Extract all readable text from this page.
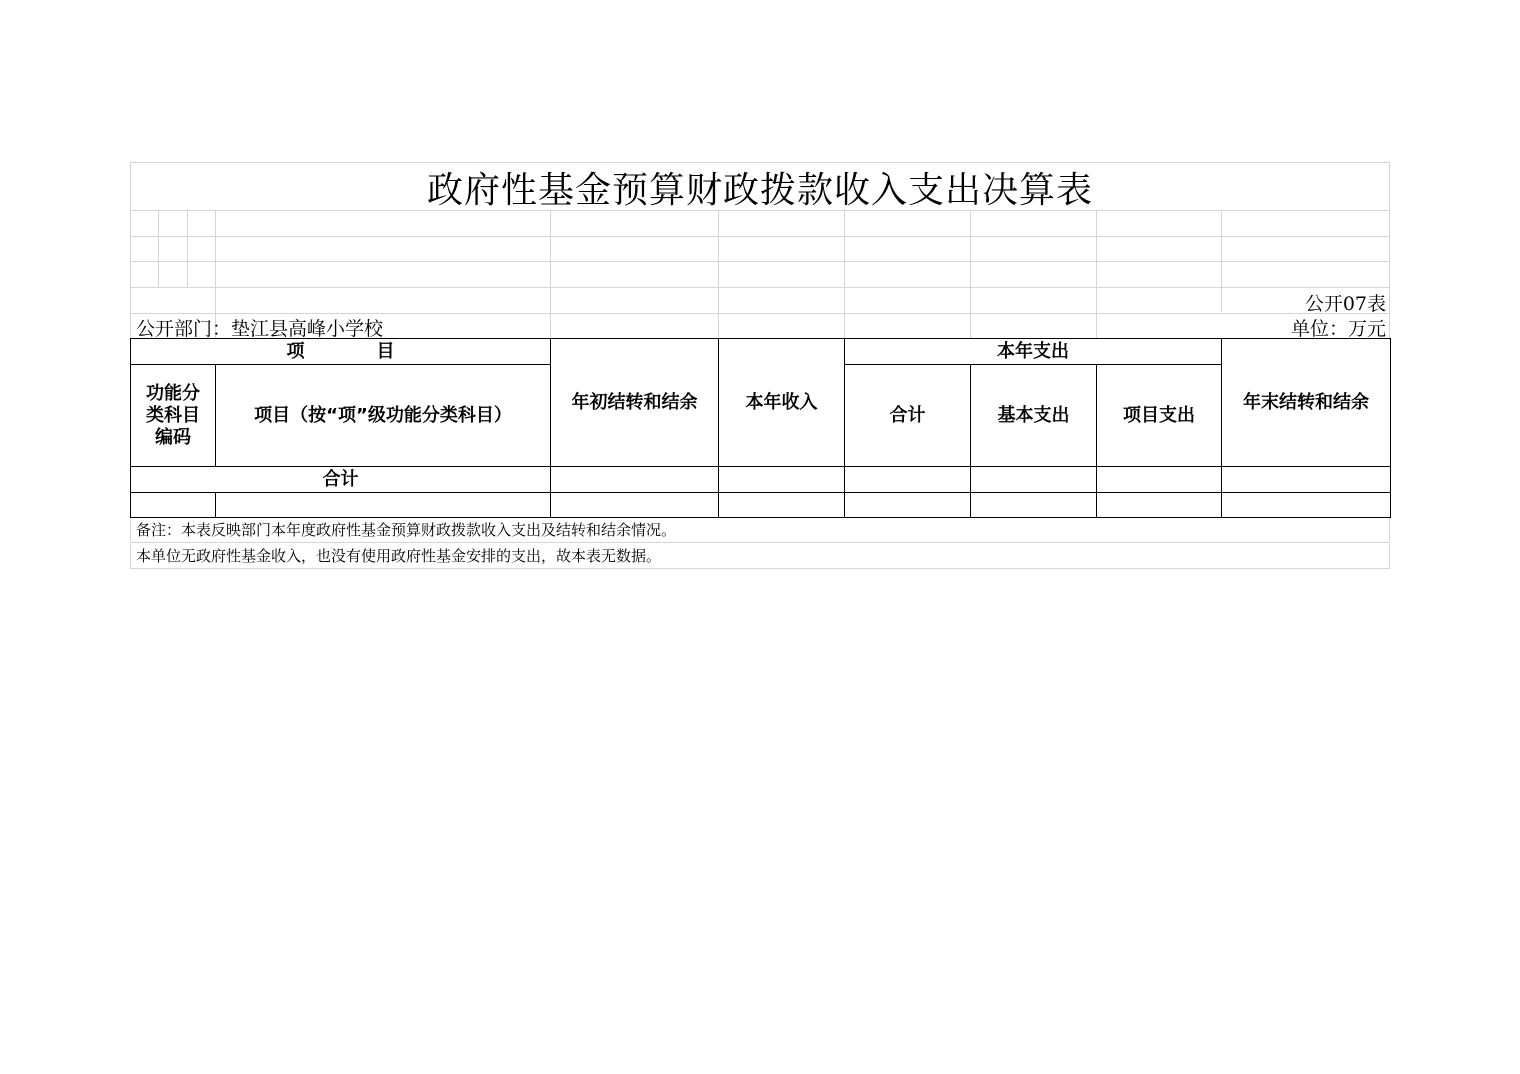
政府性基金预算财政拨款收入支出决算表
公开07表
公开部门：垫江县高峰小学校	单位：万元
项　　　　目		年初结转和结余	本年收入	本年支出			年末结转和结余
功能分类科目编码	项目（按“项”级功能分类科目）			合计	基本支出	项目支出	
合计							

备注：本表反映部门本年度政府性基金预算财政拨款收入支出及结转和结余情况。
本单位无政府性基金收入，也没有使用政府性基金安排的支出，故本表无数据。
